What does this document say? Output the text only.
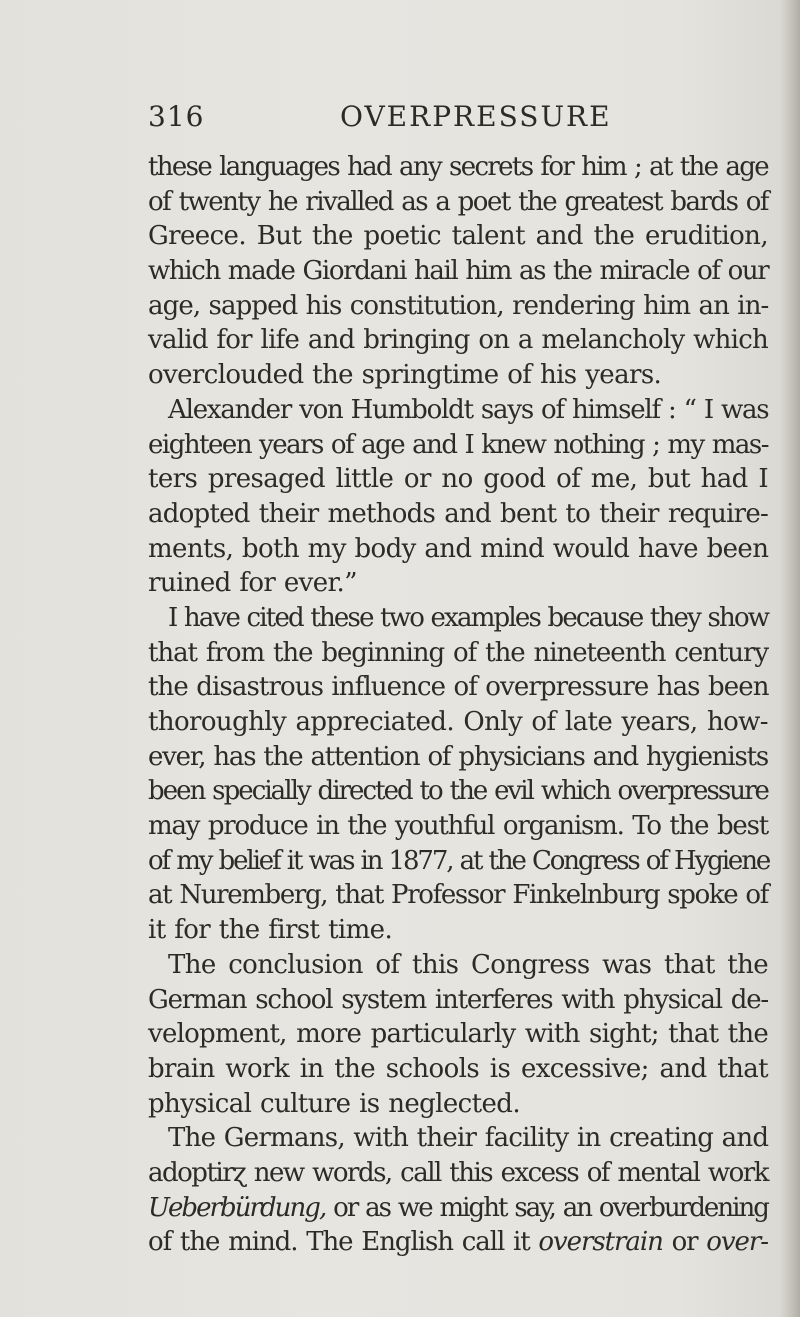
316	OVERPRESSURE
these languages had any secrets for him ; at the age
of twenty he rivalled as a poet the greatest bards of
Greece. But the poetic talent and the erudition,
which made Giordani hail him as the miracle of our
age, sapped his constitution, rendering him an in-
valid for life and bringing on a melancholy which
overclouded the springtime of his years.
Alexander von Humboldt says of himself : “ I was
eighteen years of age and I knew nothing ; my mas-
ters presaged little or no good of me, but had I
adopted their methods and bent to their require-
ments, both my body and mind would have been
ruined for ever.”
I have cited these two examples because they show
that from the beginning of the nineteenth century
the disastrous influence of overpressure has been
thoroughly appreciated. Only of late years, how-
ever, has the attention of physicians and hygienists
been specially directed to the evil which overpressure
may produce in the youthful organism. To the best
of my belief it was in 1877, at the Congress of Hygiene
at Nuremberg, that Professor Finkelnburg spoke of
it for the first time.
The conclusion of this Congress was that the
German school system interferes with physical de-
velopment, more particularly with sight; that the
brain work in the schools is excessive; and that
physical culture is neglected.
The Germans, with their facility in creating and
adoptirɀ new words, call this excess of mental work
Ueberbürdung, or as we might say, an overburdening
of the mind. The English call it overstrain or over-
